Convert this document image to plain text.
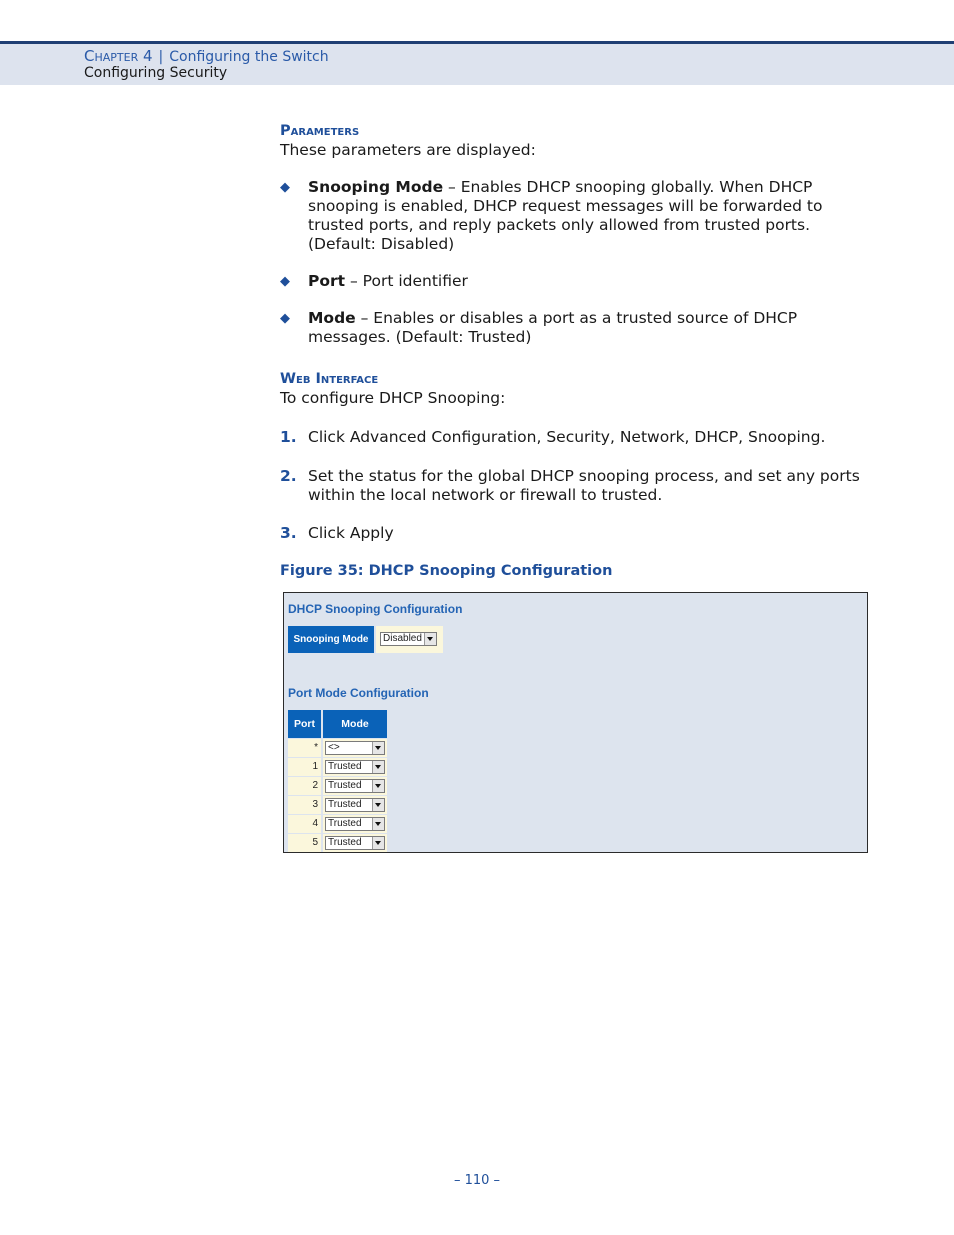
Chapter 4 | Configuring the Switch
Configuring Security
Parameters
These parameters are displayed:
◆ Snooping Mode – Enables DHCP snooping globally. When DHCP
snooping is enabled, DHCP request messages will be forwarded to
trusted ports, and reply packets only allowed from trusted ports.
(Default: Disabled)
◆ Port – Port identifier
◆ Mode – Enables or disables a port as a trusted source of DHCP
messages. (Default: Trusted)
Web Interface
To configure DHCP Snooping:
1. Click Advanced Configuration, Security, Network, DHCP, Snooping.
2. Set the status for the global DHCP snooping process, and set any ports
within the local network or firewall to trusted.
3. Click Apply
Figure 35: DHCP Snooping Configuration
DHCP Snooping Configuration
Snooping Mode	Disabled
Port Mode Configuration
Port	Mode
*	<>
1	Trusted
2	Trusted
3	Trusted
4	Trusted
5	Trusted
– 110 –
